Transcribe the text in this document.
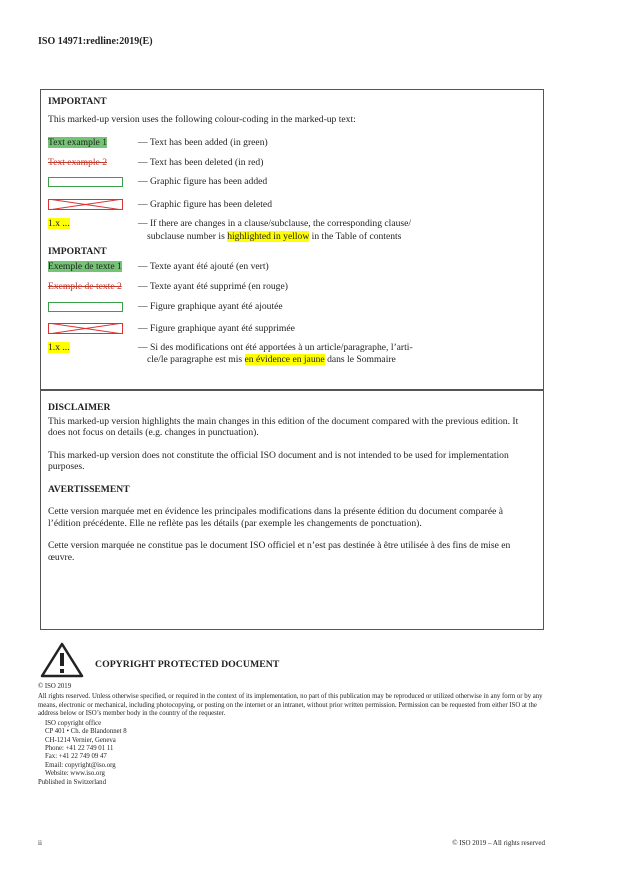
ISO 14971:redline:2019(E)
IMPORTANT
This marked-up version uses the following colour-coding in the marked-up text:
Text example 1	— Text has been added (in green)
Text example 2	— Text has been deleted (in red)
— Graphic figure has been added
— Graphic figure has been deleted
1.x ...	— If there are changes in a clause/subclause, the corresponding clause/
subclause number is highlighted in yellow in the Table of contents
IMPORTANT
Exemple de texte 1	— Texte ayant été ajouté (en vert)
Exemple de texte 2	— Texte ayant été supprimé (en rouge)
— Figure graphique ayant été ajoutée
— Figure graphique ayant été supprimée
1.x ...	— Si des modifications ont été apportées à un article/paragraphe, l’arti-
cle/le paragraphe est mis en évidence en jaune dans le Sommaire

DISCLAIMER

This marked-up version highlights the main changes in this edition of the document compared with the previous edition. It does not focus on details (e.g. changes in punctuation).

This marked-up version does not constitute the official ISO document and is not intended to be used for implementation purposes.

AVERTISSEMENT

Cette version marquée met en évidence les principales modifications dans la présente édition du document comparée à l’édition précédente. Elle ne reflète pas les détails (par exemple les changements de ponctuation).

Cette version marquée ne constitue pas le document ISO officiel et n’est pas destinée à être utilisée à des fins de mise en œuvre.

COPYRIGHT PROTECTED DOCUMENT
© ISO 2019
All rights reserved. Unless otherwise specified, or required in the context of its implementation, no part of this publication may be reproduced or utilized otherwise in any form or by any means, electronic or mechanical, including photocopying, or posting on the internet or an intranet, without prior written permission. Permission can be requested from either ISO at the address below or ISO’s member body in the country of the requester.
ISO copyright office
CP 401 • Ch. de Blandonnet 8
CH-1214 Vernier, Geneva
Phone: +41 22 749 01 11
Fax: +41 22 749 09 47
Email: copyright@iso.org
Website: www.iso.org
Published in Switzerland
ii	© ISO 2019 – All rights reserved
